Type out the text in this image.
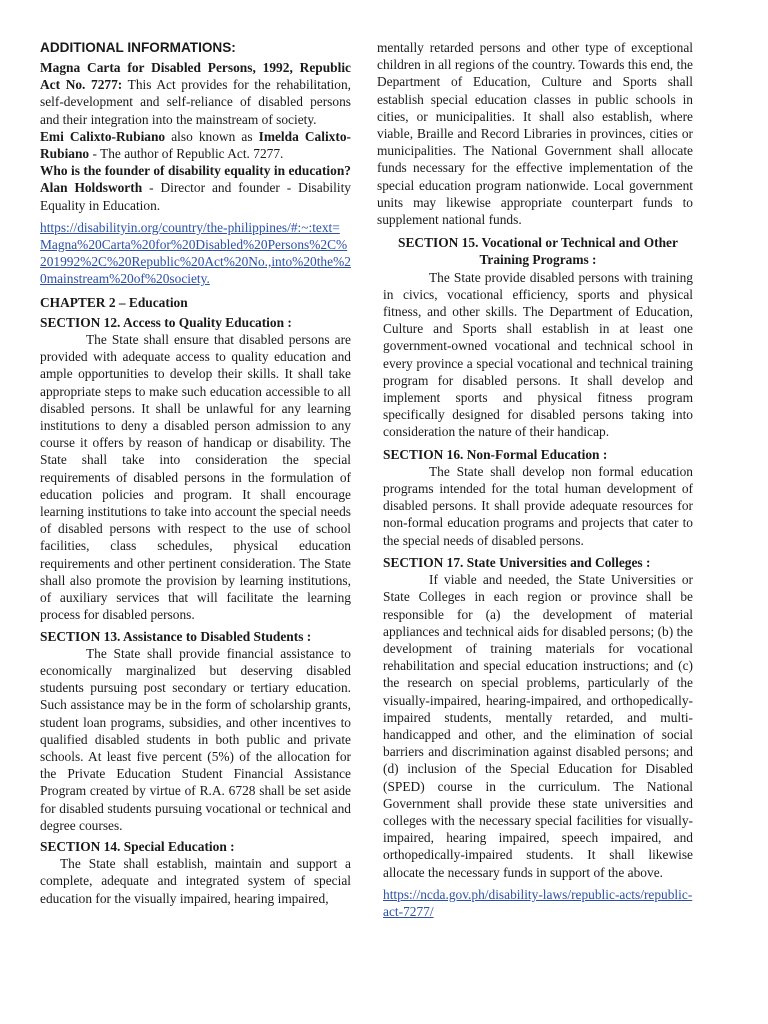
ADDITIONAL INFORMATIONS:

Magna Carta for Disabled Persons, 1992, Republic Act No. 7277: This Act provides for the rehabilitation, self-development and self-reliance of disabled persons and their integration into the mainstream of society.

Emi Calixto-Rubiano also known as Imelda Calixto-Rubiano - The author of Republic Act. 7277.

Who is the founder of disability equality in education? Alan Holdsworth - Director and founder - Disability Equality in Education.

https://disabilityin.org/country/the-philippines/#:~:text=Magna%20Carta%20for%20Disabled%20Persons%2C%201992%2C%20Republic%20Act%20No.,into%20the%20mainstream%20of%20society.

CHAPTER 2 – Education

SECTION 12. Access to Quality Education :

The State shall ensure that disabled persons are provided with adequate access to quality education and ample opportunities to develop their skills. It shall take appropriate steps to make such education accessible to all disabled persons. It shall be unlawful for any learning institutions to deny a disabled person admission to any course it offers by reason of handicap or disability. The State shall take into consideration the special requirements of disabled persons in the formulation of education policies and program. It shall encourage learning institutions to take into account the special needs of disabled persons with respect to the use of school facilities, class schedules, physical education requirements and other pertinent consideration. The State shall also promote the provision by learning institutions, of auxiliary services that will facilitate the learning process for disabled persons.

SECTION 13. Assistance to Disabled Students :

The State shall provide financial assistance to economically marginalized but deserving disabled students pursuing post secondary or tertiary education. Such assistance may be in the form of scholarship grants, student loan programs, subsidies, and other incentives to qualified disabled students in both public and private schools. At least five percent (5%) of the allocation for the Private Education Student Financial Assistance Program created by virtue of R.A. 6728 shall be set aside for disabled students pursuing vocational or technical and degree courses.

SECTION 14. Special Education :

The State shall establish, maintain and support a complete, adequate and integrated system of special education for the visually impaired, hearing impaired,

mentally retarded persons and other type of exceptional children in all regions of the country. Towards this end, the Department of Education, Culture and Sports shall establish special education classes in public schools in cities, or municipalities. It shall also establish, where viable, Braille and Record Libraries in provinces, cities or municipalities. The National Government shall allocate funds necessary for the effective implementation of the special education program nationwide. Local government units may likewise appropriate counterpart funds to supplement national funds.

SECTION 15. Vocational or Technical and Other Training Programs :

The State provide disabled persons with training in civics, vocational efficiency, sports and physical fitness, and other skills. The Department of Education, Culture and Sports shall establish in at least one government-owned vocational and technical school in every province a special vocational and technical training program for disabled persons. It shall develop and implement sports and physical fitness program specifically designed for disabled persons taking into consideration the nature of their handicap.

SECTION 16. Non-Formal Education :

The State shall develop non formal education programs intended for the total human development of disabled persons. It shall provide adequate resources for non-formal education programs and projects that cater to the special needs of disabled persons.

SECTION 17. State Universities and Colleges :

If viable and needed, the State Universities or State Colleges in each region or province shall be responsible for (a) the development of material appliances and technical aids for disabled persons; (b) the development of training materials for vocational rehabilitation and special education instructions; and (c) the research on special problems, particularly of the visually-impaired, hearing-impaired, and orthopedically-impaired students, mentally retarded, and multi-handicapped and other, and the elimination of social barriers and discrimination against disabled persons; and (d) inclusion of the Special Education for Disabled (SPED) course in the curriculum. The National Government shall provide these state universities and colleges with the necessary special facilities for visually-impaired, hearing impaired, speech impaired, and orthopedically-impaired students. It shall likewise allocate the necessary funds in support of the above.

https://ncda.gov.ph/disability-laws/republic-acts/republic-act-7277/
